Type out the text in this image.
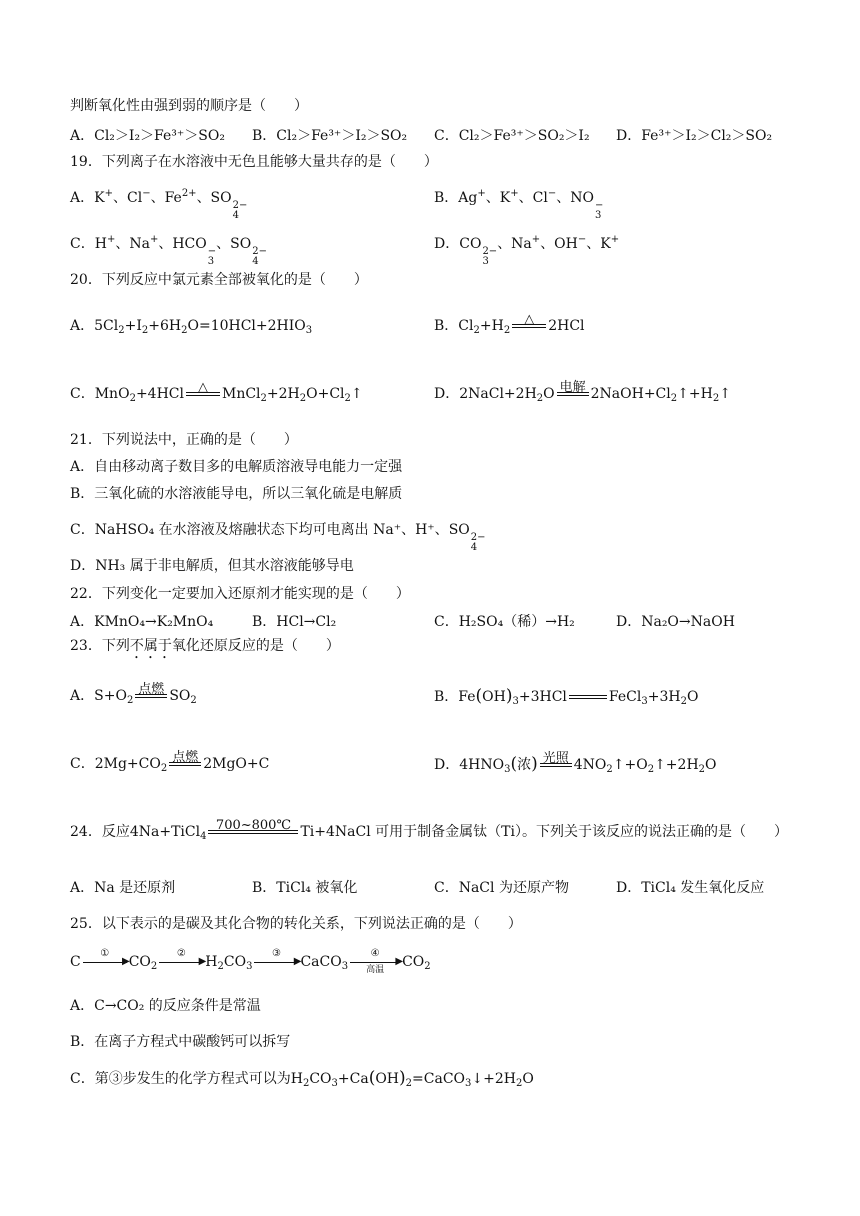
判断氧化性由强到弱的顺序是（　　）
A．Cl₂＞I₂＞Fe³⁺＞SO₂ B．Cl₂＞Fe³⁺＞I₂＞SO₂ C．Cl₂＞Fe³⁺＞SO₂＞I₂ D．Fe³⁺＞I₂＞Cl₂＞SO₂
19．下列离子在水溶液中无色且能够大量共存的是（　　）
A．K+、Cl−、$Fe^{2+}$、SO 2−
4
B．Ag+、K+、Cl−、NO −
3
C．H+、Na+、HCO −
3
、SO 2−
4
D．CO 2−
3
、Na+、OH−、K+
20．下列反应中氯元素全部被氧化的是（　　）
A．$5Cl_2+I_2+6H_2O=10HCl+2HIO_3$	B．$Cl_2+H_2$
△	2HCl
C．MnO$_2$+4HCl	△	$MnCl_2+2H_2O+Cl_2↑$	D．$2NaCl+2H_2O$ 电解 $2NaOH+Cl_2↑+H_2↑$
21．下列说法中，正确的是（　　）
A．自由移动离子数目多的电解质溶液导电能力一定强
B．三氧化硫的水溶液能导电，所以三氧化硫是电解质
C．NaHSO₄ 在水溶液及熔融状态下均可电离出 Na⁺、H⁺、SO 2−
4
D．NH₃ 属于非电解质，但其水溶液能够导电
22．下列变化一定要加入还原剂才能实现的是（　　）
A．KMnO₄→K₂MnO₄	B．HCl→Cl₂	C．H₂SO₄（稀）→H₂	D．Na₂O→NaOH
23．下列不属于氧化还原反应的是（　　）
A．$S+O_2$
点燃 $SO_2$	B．$Fe(OH)_3+3HCl$	$FeCl_3+3H_2O$
C．$2Mg+CO_2$
点燃 2MgO+C	D．$4HNO_3$(浓) 光照 $4NO_2↑+O_2↑+2H_2O$
24．反应4Na+TiCl$_4$
700~800℃ Ti+4NaCl 可用于制备金属钛（Ti）。下列关于该反应的说法正确的是（　　）
A．Na 是还原剂	B．TiCl₄ 被氧化	C．NaCl 为还原产物	D．TiCl₄ 发生氧化反应
25．以下表示的是碳及其化合物的转化关系，下列说法正确的是（　　）
C
①
▶ $CO_2$
②
▶ $H_2CO_3$
③
▶ CaCO$_3$
④
▶
高温	$CO_2$
A．C→CO₂ 的反应条件是常温
B．在离子方程式中碳酸钙可以拆写
C．第③步发生的化学方程式可以为$H_2CO_3+Ca(OH)_2=CaCO_3↓+2H_2O$
